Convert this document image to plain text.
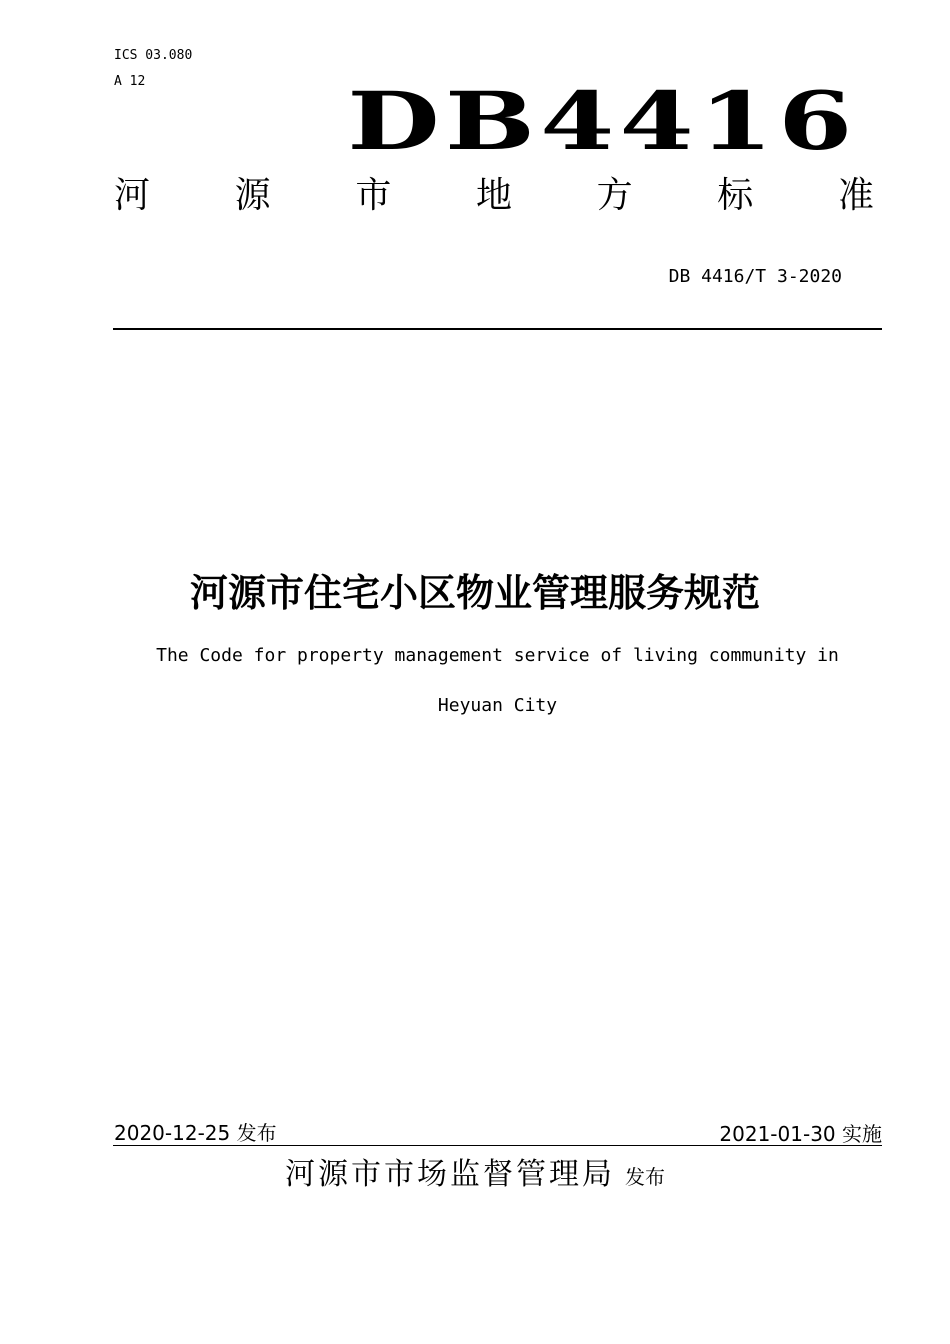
ICS 03.080
A 12	DB4416
河 源 市 地 方 标 准
DB 4416/T 3-2020
河源市住宅小区物业管理服务规范
The Code for property management service of living community in
Heyuan City
2020-12-25 发布	2021-01-30 实施
河源市市场监督管理局 发布
